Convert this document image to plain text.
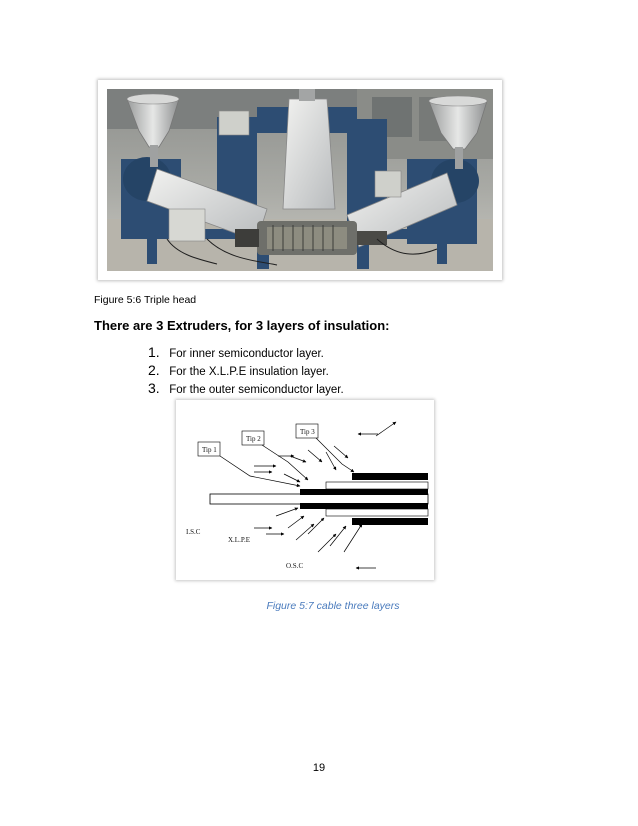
Figure 5:6 Triple head
There are 3 Extruders, for 3 layers of insulation:
1. For inner semiconductor layer.
2. For the X.L.P.E insulation layer.
3. For the outer semiconductor layer.
Tip 1
Tip 2
Tip 3
I.S.C
X.L.P.E
O.S.C
Figure 5:7 cable three layers
19
